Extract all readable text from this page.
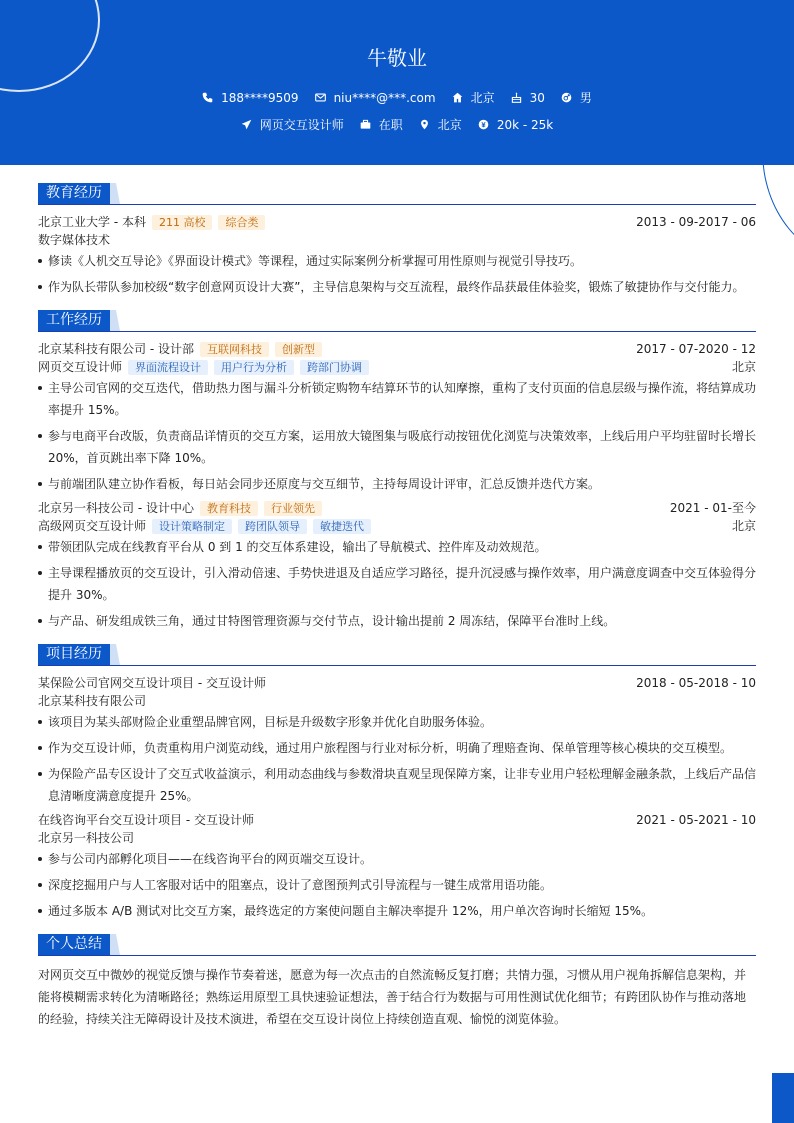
牛敬业
188****9509	niu****@***.com	北京	30	男
网页交互设计师	在职	北京	20k - 25k
教育经历
北京工业大学 - 本科	211 高校	综合类	2013 - 09-2017 - 06
数字媒体技术
修读《人机交互导论》《界面设计模式》等课程，通过实际案例分析掌握可用性原则与视觉引导技巧。
作为队长带队参加校级“数字创意网页设计大赛”，主导信息架构与交互流程，最终作品获最佳体验奖，锻炼了敏捷协作与交付能力。
工作经历
北京某科技有限公司 - 设计部	互联网科技	创新型	2017 - 07-2020 - 12
网页交互设计师	界面流程设计	用户行为分析	跨部门协调	北京
主导公司官网的交互迭代，借助热力图与漏斗分析锁定购物车结算环节的认知摩擦，重构了支付页面的信息层级与操作流，将结算成功率提升 15%。
参与电商平台改版，负责商品详情页的交互方案，运用放大镜图集与吸底行动按钮优化浏览与决策效率，上线后用户平均驻留时长增长 20%，首页跳出率下降 10%。
与前端团队建立协作看板，每日站会同步还原度与交互细节，主持每周设计评审，汇总反馈并迭代方案。
北京另一科技公司 - 设计中心	教育科技	行业领先	2021 - 01-至今
高级网页交互设计师	设计策略制定	跨团队领导	敏捷迭代	北京
带领团队完成在线教育平台从 0 到 1 的交互体系建设，输出了导航模式、控件库及动效规范。
主导课程播放页的交互设计，引入滑动倍速、手势快进退及自适应学习路径，提升沉浸感与操作效率，用户满意度调查中交互体验得分提升 30%。
与产品、研发组成铁三角，通过甘特图管理资源与交付节点，设计输出提前 2 周冻结，保障平台准时上线。
项目经历
某保险公司官网交互设计项目 - 交互设计师	2018 - 05-2018 - 10
北京某科技有限公司
该项目为某头部财险企业重塑品牌官网，目标是升级数字形象并优化自助服务体验。
作为交互设计师，负责重构用户浏览动线，通过用户旅程图与行业对标分析，明确了理赔查询、保单管理等核心模块的交互模型。
为保险产品专区设计了交互式收益演示，利用动态曲线与参数滑块直观呈现保障方案，让非专业用户轻松理解金融条款，上线后产品信息清晰度满意度提升 25%。
在线咨询平台交互设计项目 - 交互设计师	2021 - 05-2021 - 10
北京另一科技公司
参与公司内部孵化项目——在线咨询平台的网页端交互设计。
深度挖掘用户与人工客服对话中的阻塞点，设计了意图预判式引导流程与一键生成常用语功能。
通过多版本 A/B 测试对比交互方案，最终选定的方案使问题自主解决率提升 12%，用户单次咨询时长缩短 15%。
个人总结
对网页交互中微妙的视觉反馈与操作节奏着迷，愿意为每一次点击的自然流畅反复打磨；共情力强，习惯从用户视角拆解信息架构，并能将模糊需求转化为清晰路径；熟练运用原型工具快速验证想法，善于结合行为数据与可用性测试优化细节；有跨团队协作与推动落地的经验，持续关注无障碍设计及技术演进，希望在交互设计岗位上持续创造直观、愉悦的浏览体验。
